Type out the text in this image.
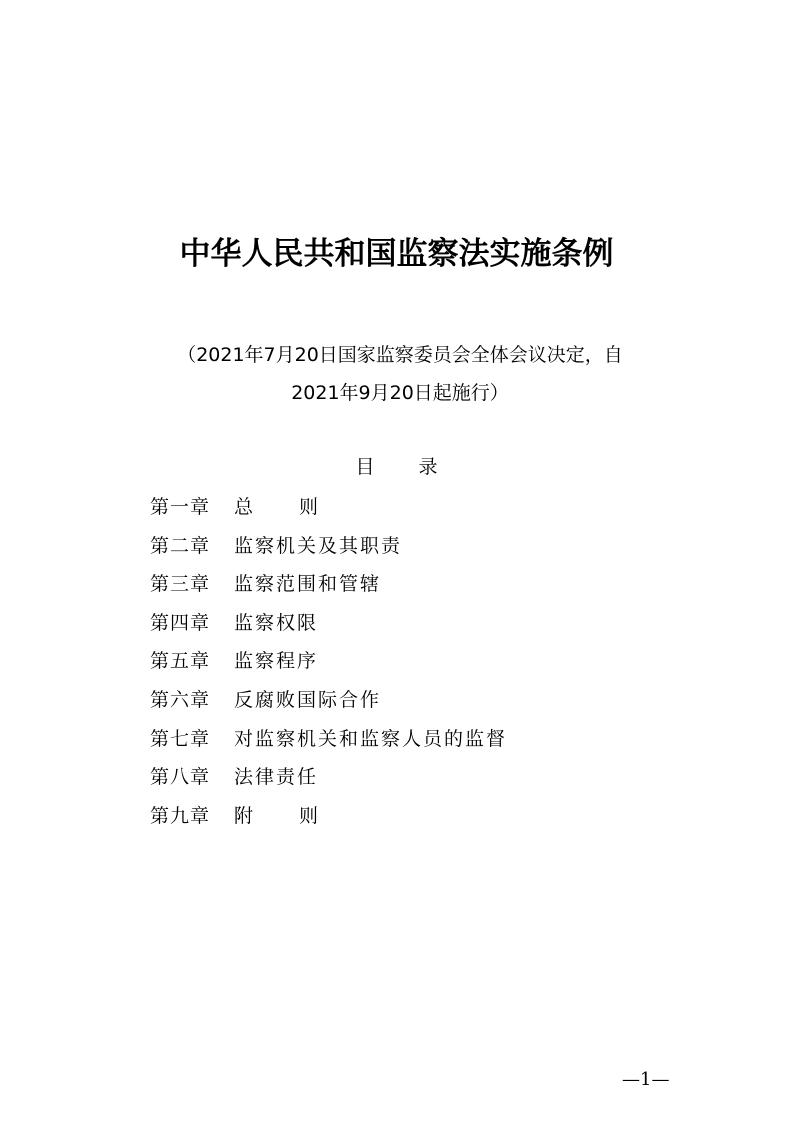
中华人民共和国监察法实施条例
（2021年7月20日国家监察委员会全体会议决定，自
2021年9月20日起施行）
目录
第一章 总 则
第二章 监察机关及其职责
第三章 监察范围和管辖
第四章 监察权限
第五章 监察程序
第六章 反腐败国际合作
第七章 对监察机关和监察人员的监督
第八章 法律责任
第九章 附 则
—1—
